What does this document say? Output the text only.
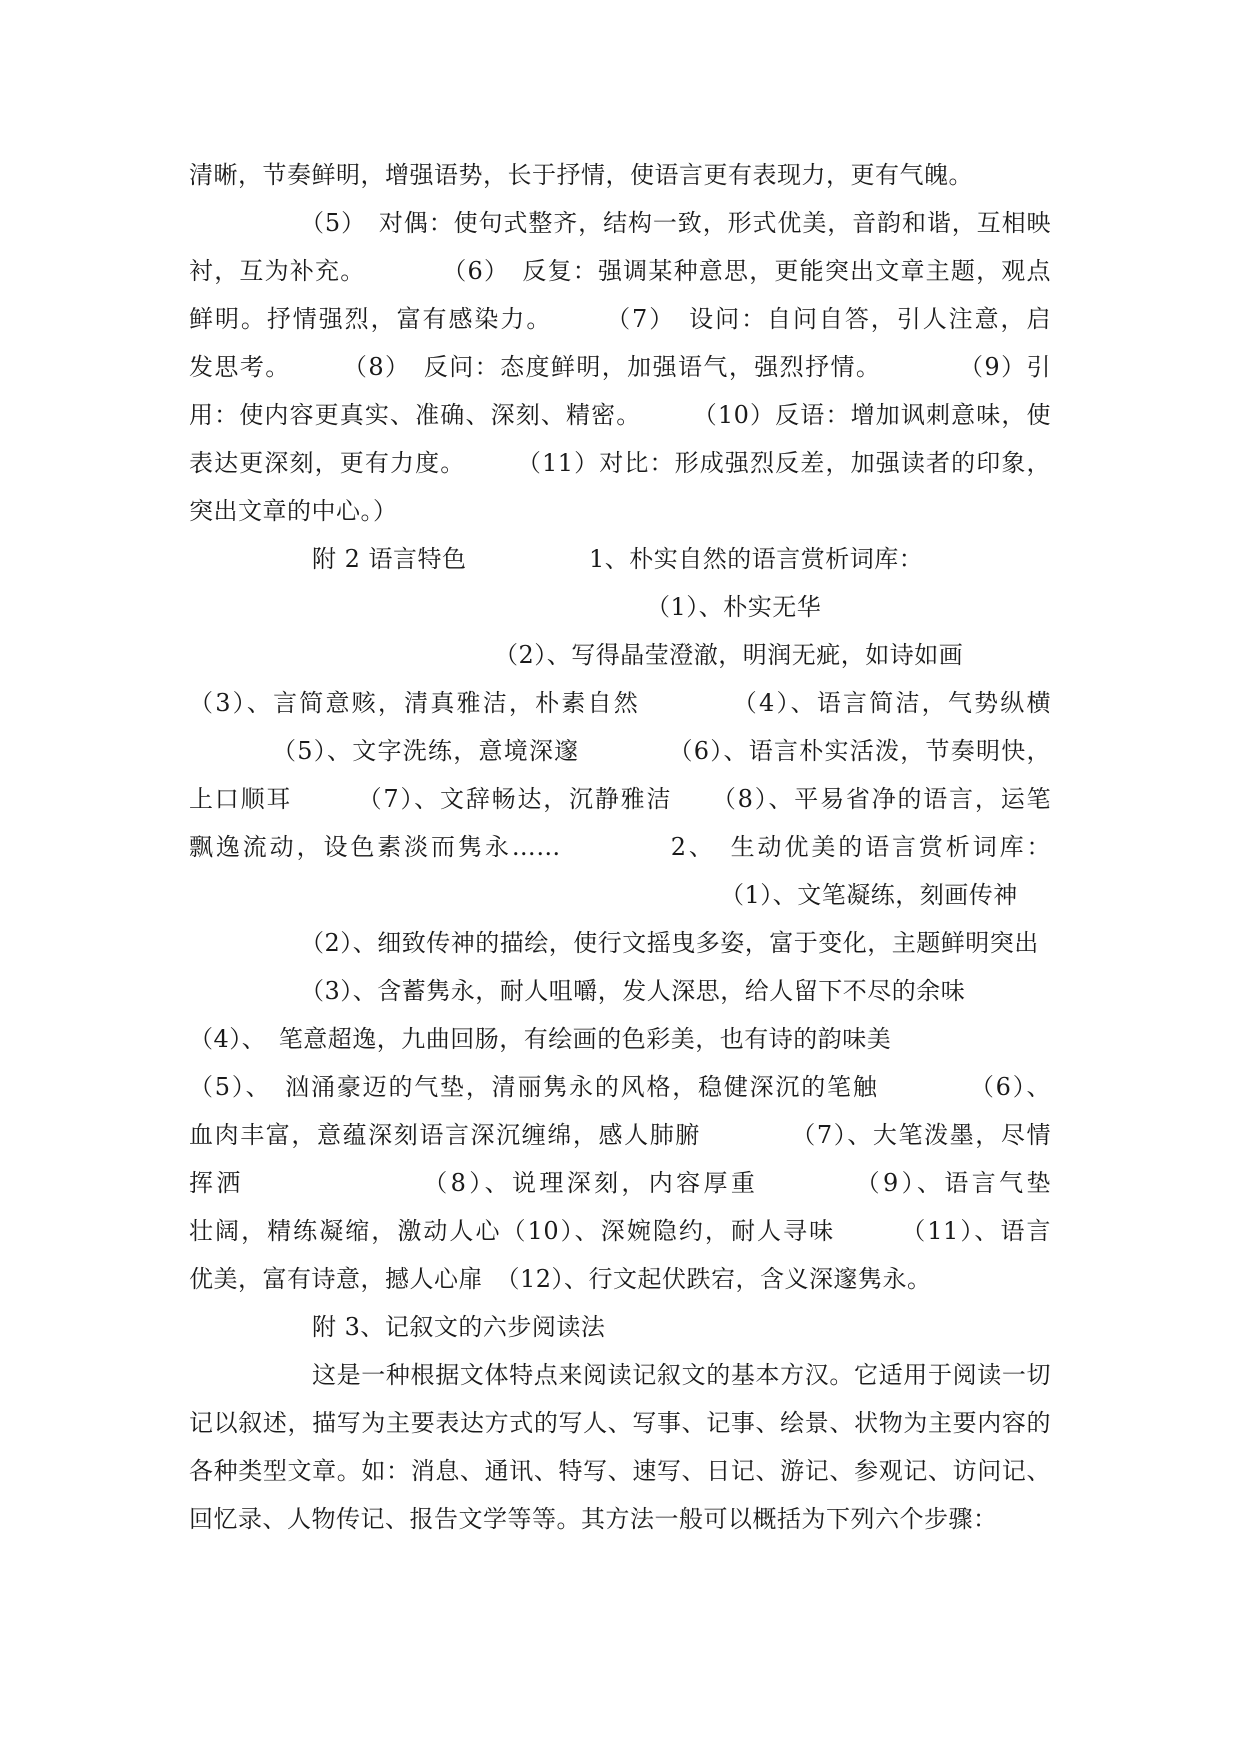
清晰，节奏鲜明，增强语势，长于抒情，使语言更有表现力，更有气魄。
（5）　对偶：使句式整齐，结构一致，形式优美，音韵和谐，互相映
衬，互为补充。　　　　（6）　反复：强调某种意思，更能突出文章主题，观点
鲜明。抒情强烈，富有感染力。　　　（7）　设问：自问自答，引人注意，启
发思考。　　　（8）　反问：态度鲜明，加强语气，强烈抒情。　　　　（9）引
用：使内容更真实、准确、深刻、精密。　　　（10）反语：增加讽刺意味，使
表达更深刻，更有力度。　　　（11）对比：形成强烈反差，加强读者的印象，
突出文章的中心。）
附 2 语言特色　　　　　1、朴实自然的语言赏析词库：
（1）、朴实无华
（2）、写得晶莹澄澈，明润无疵，如诗如画
（3）、言简意赅，清真雅洁，朴素自然　　　　（4）、语言简洁，气势纵横
（5）、文字洗练，意境深邃　　　　（6）、语言朴实活泼，节奏明快，
上口顺耳　　　（7）、文辞畅达，沉静雅洁　　（8）、平易省净的语言，运笔
飘逸流动，设色素淡而隽永……　　　　2、　生动优美的语言赏析词库：
（1）、文笔凝练，刻画传神
（2）、细致传神的描绘，使行文摇曳多姿，富于变化，主题鲜明突出
（3）、含蓄隽永，耐人咀嚼，发人深思，给人留下不尽的余味
（4）、　笔意超逸，九曲回肠，有绘画的色彩美，也有诗的韵味美
（5）、　汹涌豪迈的气垫，清丽隽永的风格，稳健深沉的笔触　　　　（6）、
血肉丰富，意蕴深刻语言深沉缠绵，感人肺腑　　　　（7）、大笔泼墨，尽情
挥洒　　　　　　　（8）、说理深刻，内容厚重　　　　（9）、语言气垫
壮阔，精练凝缩，激动人心（10）、深婉隐约，耐人寻味　　　（11）、语言
优美，富有诗意，撼人心扉　（12）、行文起伏跌宕，含义深邃隽永。
附 3、记叙文的六步阅读法
这是一种根据文体特点来阅读记叙文的基本方汉。它适用于阅读一切
记以叙述，描写为主要表达方式的写人、写事、记事、绘景、状物为主要内容的
各种类型文章。如：消息、通讯、特写、速写、日记、游记、参观记、访问记、
回忆录、人物传记、报告文学等等。其方法一般可以概括为下列六个步骤：
